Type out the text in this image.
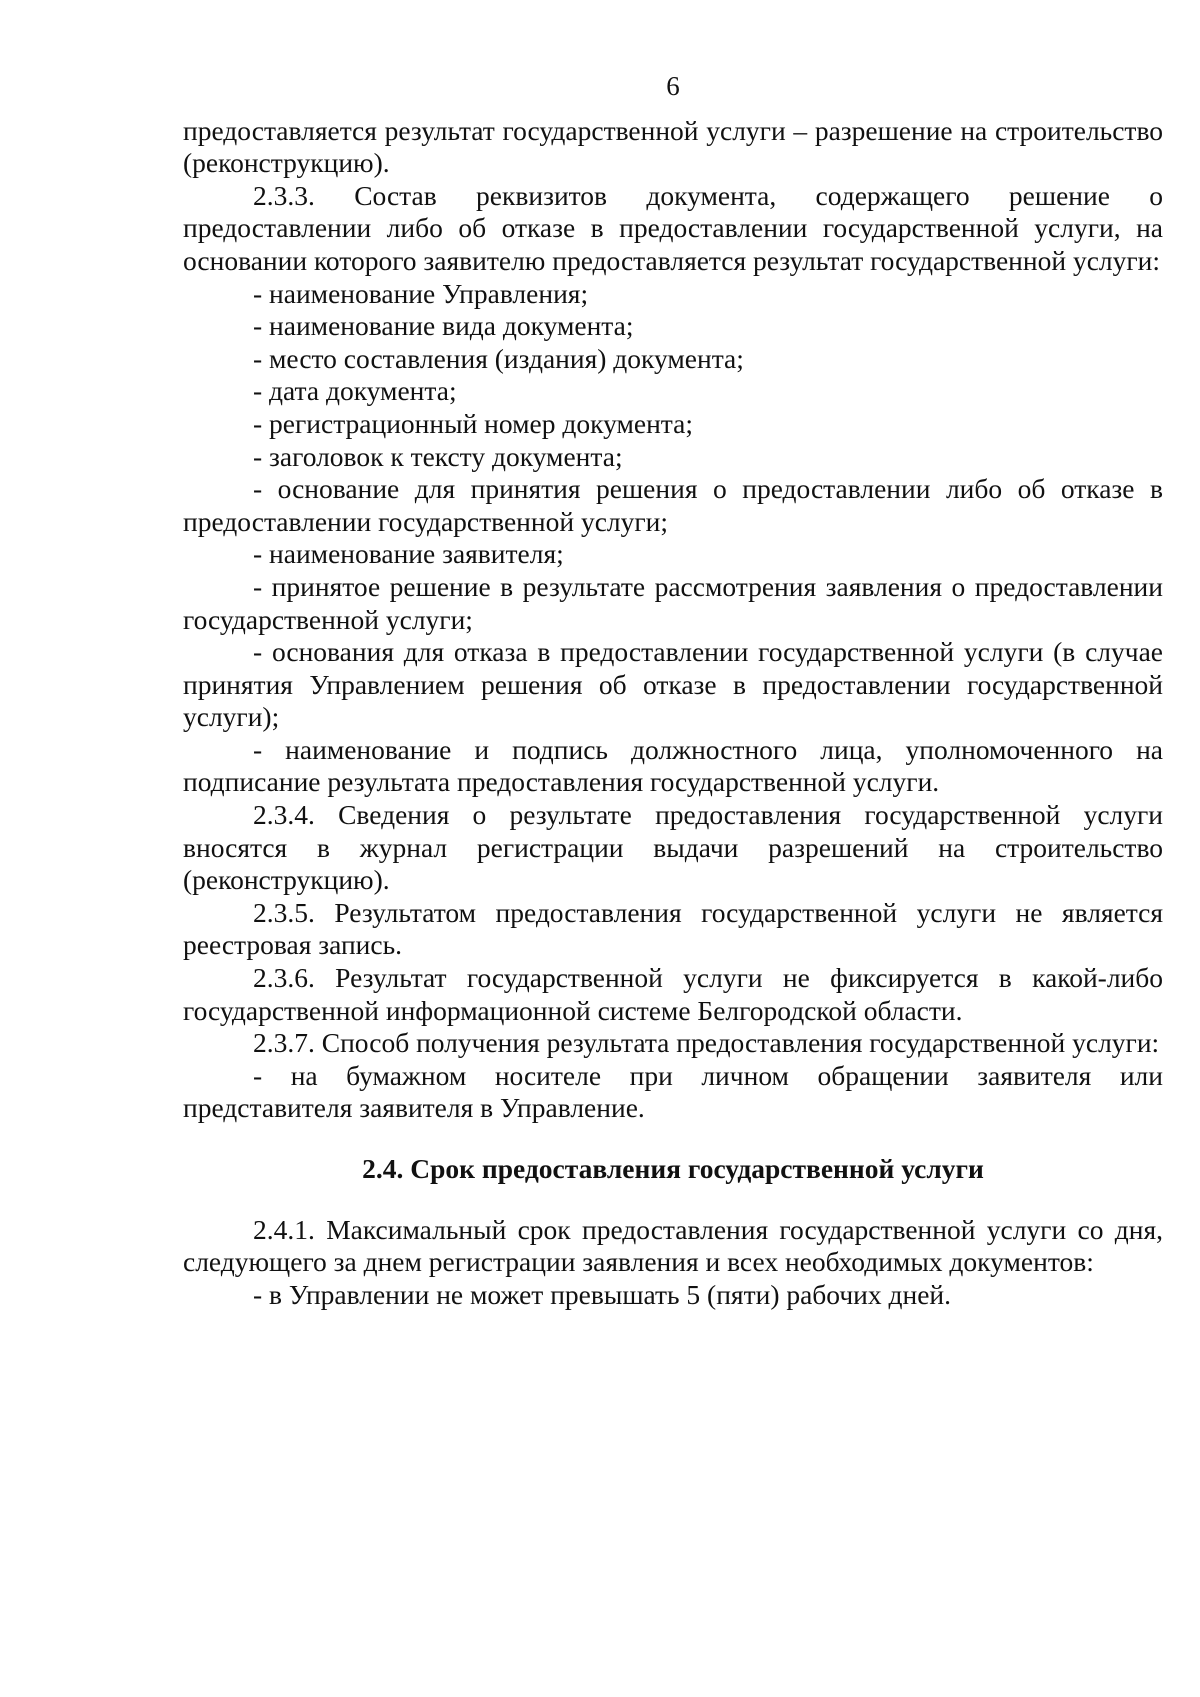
6

предоставляется результат государственной услуги – разрешение на строительство (реконструкцию).

2.3.3. Состав реквизитов документа, содержащего решение о предоставлении либо об отказе в предоставлении государственной услуги, на основании которого заявителю предоставляется результат государственной услуги:

- наименование Управления;

- наименование вида документа;

- место составления (издания) документа;

- дата документа;

- регистрационный номер документа;

- заголовок к тексту документа;

- основание для принятия решения о предоставлении либо об отказе в предоставлении государственной услуги;

- наименование заявителя;

- принятое решение в результате рассмотрения заявления о предоставлении государственной услуги;

- основания для отказа в предоставлении государственной услуги (в случае принятия Управлением решения об отказе в предоставлении государственной услуги);

- наименование и подпись должностного лица, уполномоченного на подписание результата предоставления государственной услуги.

2.3.4. Сведения о результате предоставления государственной услуги вносятся в журнал регистрации выдачи разрешений на строительство (реконструкцию).

2.3.5. Результатом предоставления государственной услуги не является реестровая запись.

2.3.6. Результат государственной услуги не фиксируется в какой-либо государственной информационной системе Белгородской области.

2.3.7. Способ получения результата предоставления государственной услуги:

- на бумажном носителе при личном обращении заявителя или представителя заявителя в Управление.

2.4. Срок предоставления государственной услуги

2.4.1. Максимальный срок предоставления государственной услуги со дня, следующего за днем регистрации заявления и всех необходимых документов:

- в Управлении не может превышать 5 (пяти) рабочих дней.
